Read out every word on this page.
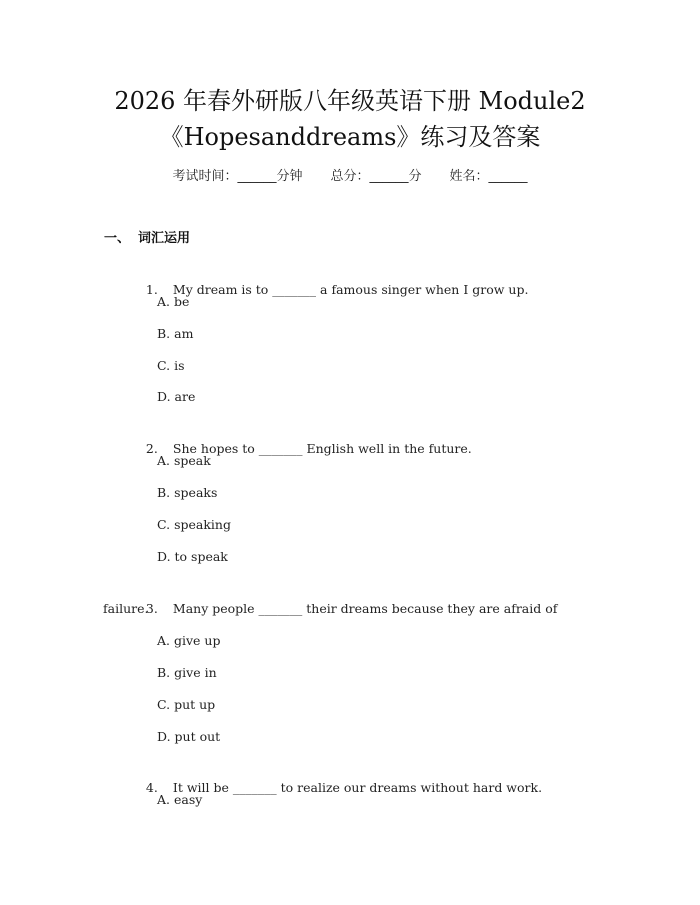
2026 年春外研版八年级英语下册 Module2
《Hopesanddreams》练习及答案
考试时间：______分钟 总分：______分 姓名：______
一、 词汇运用

1. My dream is to _______ a famous singer when I grow up.

A. be
B. am
C. is
D. are

2. She hopes to _______ English well in the future.

A. speak
B. speaks
C. speaking
D. to speak

3. Many people _______ their dreams because they are afraid of

failure.
A. give up
B. give in
C. put up
D. put out

4. It will be _______ to realize our dreams without hard work.

A. easy
